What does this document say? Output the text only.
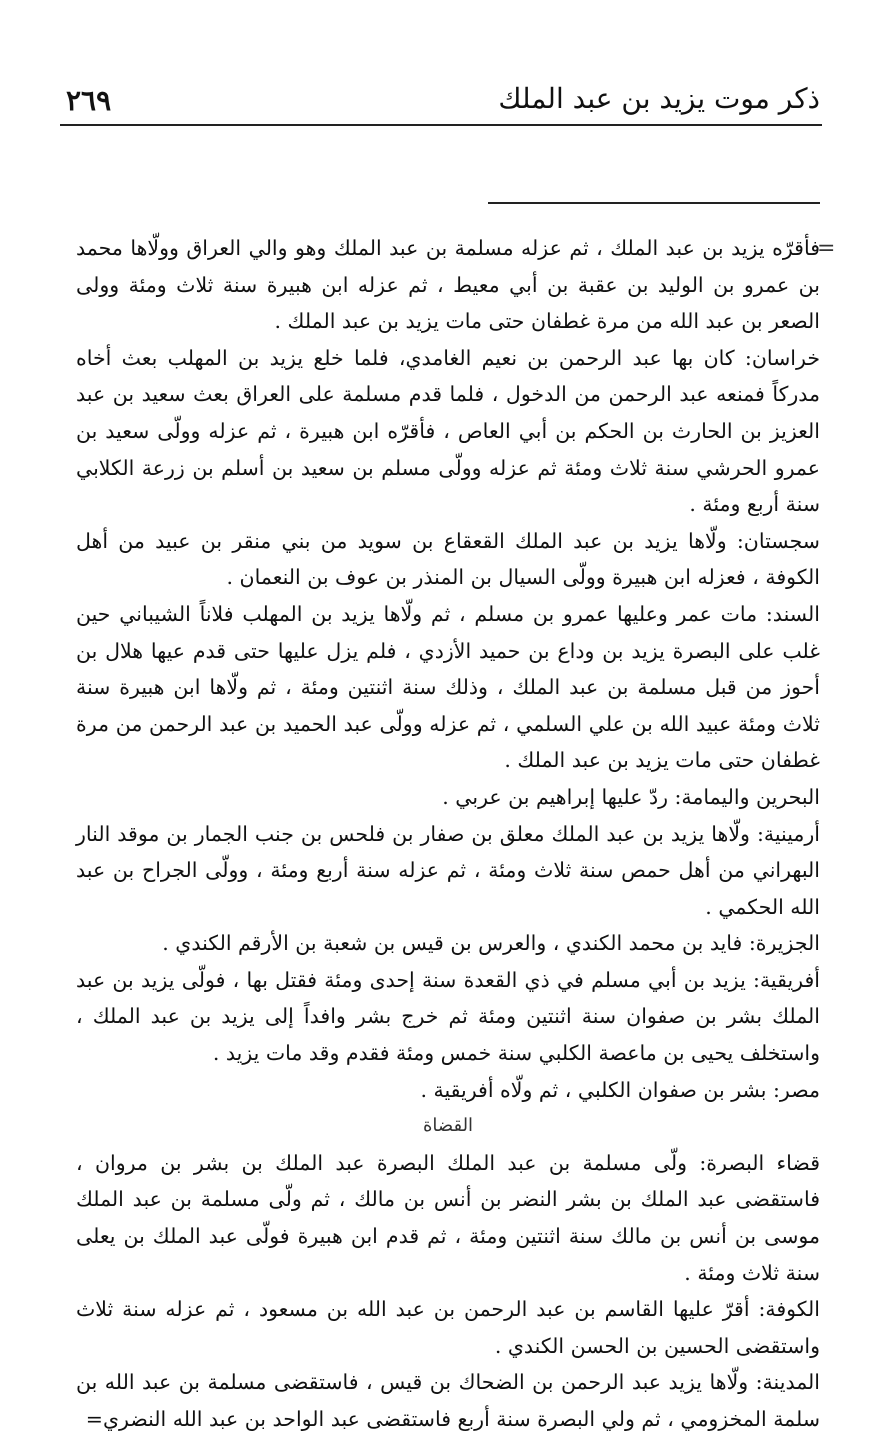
٢٦٩	ذكر موت يزيد بن عبد الملك
=

فأقرّه يزيد بن عبد الملك ، ثم عزله مسلمة بن عبد الملك وهو والي العراق وولّاها محمد بن عمرو بن الوليد بن عقبة بن أبي معيط ، ثم عزله ابن هبيرة سنة ثلاث ومئة وولى الصعر بن عبد الله من مرة غطفان حتى مات يزيد بن عبد الملك .

خراسان: كان بها عبد الرحمن بن نعيم الغامدي، فلما خلع يزيد بن المهلب بعث أخاه مدركاً فمنعه عبد الرحمن من الدخول ، فلما قدم مسلمة على العراق بعث سعيد بن عبد العزيز بن الحارث بن الحكم بن أبي العاص ، فأقرّه ابن هبيرة ، ثم عزله وولّى سعيد بن عمرو الحرشي سنة ثلاث ومئة ثم عزله وولّى مسلم بن سعيد بن أسلم بن زرعة الكلابي سنة أربع ومئة .

سجستان: ولّاها يزيد بن عبد الملك القعقاع بن سويد من بني منقر بن عبيد من أهل الكوفة ، فعزله ابن هبيرة وولّى السيال بن المنذر بن عوف بن النعمان .

السند: مات عمر وعليها عمرو بن مسلم ، ثم ولّاها يزيد بن المهلب فلاناً الشيباني حين غلب على البصرة يزيد بن وداع بن حميد الأزدي ، فلم يزل عليها حتى قدم عيها هلال بن أحوز من قبل مسلمة بن عبد الملك ، وذلك سنة اثنتين ومئة ، ثم ولّاها ابن هبيرة سنة ثلاث ومئة عبيد الله بن علي السلمي ، ثم عزله وولّى عبد الحميد بن عبد الرحمن من مرة غطفان حتى مات يزيد بن عبد الملك .

البحرين واليمامة: ردّ عليها إبراهيم بن عربي .

أرمينية: ولّاها يزيد بن عبد الملك معلق بن صفار بن فلحس بن جنب الجمار بن موقد النار البهراني من أهل حمص سنة ثلاث ومئة ، ثم عزله سنة أربع ومئة ، وولّى الجراح بن عبد الله الحكمي .

الجزيرة: فايد بن محمد الكندي ، والعرس بن قيس بن شعبة بن الأرقم الكندي .

أفريقية: يزيد بن أبي مسلم في ذي القعدة سنة إحدى ومئة فقتل بها ، فولّى يزيد بن عبد الملك بشر بن صفوان سنة اثنتين ومئة ثم خرج بشر وافداً إلى يزيد بن عبد الملك ، واستخلف يحيى بن ماعصة الكلبي سنة خمس ومئة فقدم وقد مات يزيد .

مصر: بشر بن صفوان الكلبي ، ثم ولّاه أفريقية .

القضاة

قضاء البصرة: ولّى مسلمة بن عبد الملك البصرة عبد الملك بن بشر بن مروان ، فاستقضى عبد الملك بن بشر النضر بن أنس بن مالك ، ثم ولّى مسلمة بن عبد الملك موسى بن أنس بن مالك سنة اثنتين ومئة ، ثم قدم ابن هبيرة فولّى عبد الملك بن يعلى سنة ثلاث ومئة .

الكوفة: أقرّ عليها القاسم بن عبد الرحمن بن عبد الله بن مسعود ، ثم عزله سنة ثلاث واستقضى الحسين بن الحسن الكندي .

المدينة: ولّاها يزيد عبد الرحمن بن الضحاك بن قيس ، فاستقضى مسلمة بن عبد الله بن سلمة المخزومي ، ثم ولي البصرة سنة أربع فاستقضى عبد الواحد بن عبد الله النضري=
